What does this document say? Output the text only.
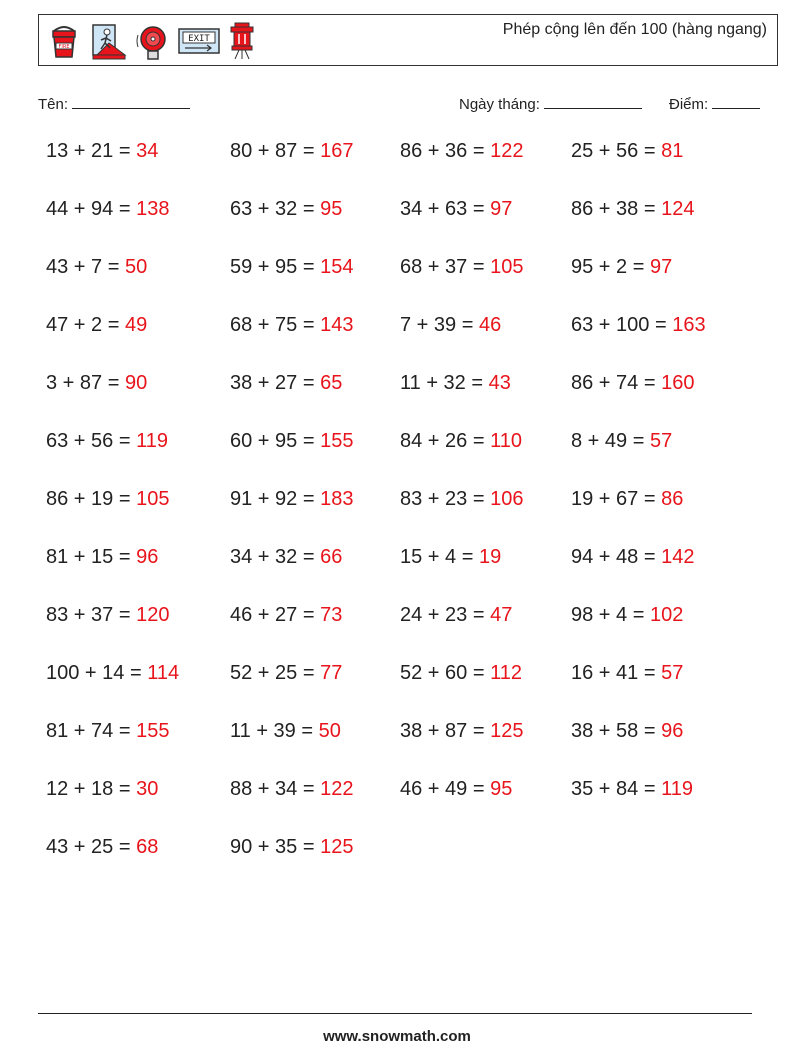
FIRE
EXIT
Phép cộng lên đến 100 (hàng ngang)
Tên:	Ngày tháng:	Điểm:
13 + 21 = 34	80 + 87 = 167 86 + 36 = 122 25 + 56 = 81
44 + 94 = 138	63 + 32 = 95	34 + 63 = 97	86 + 38 = 124
43 + 7 = 50	59 + 95 = 154 68 + 37 = 105 95 + 2 = 97
47 + 2 = 49	68 + 75 = 143 7 + 39 = 46	63 + 100 = 163
3 + 87 = 90	38 + 27 = 65	11 + 32 = 43	86 + 74 = 160
63 + 56 = 119	60 + 95 = 155 84 + 26 = 110 8 + 49 = 57
86 + 19 = 105	91 + 92 = 183 83 + 23 = 106 19 + 67 = 86
81 + 15 = 96	34 + 32 = 66	15 + 4 = 19	94 + 48 = 142
83 + 37 = 120	46 + 27 = 73	24 + 23 = 47	98 + 4 = 102
100 + 14 = 114	52 + 25 = 77	52 + 60 = 112 16 + 41 = 57
81 + 74 = 155	11 + 39 = 50	38 + 87 = 125 38 + 58 = 96
12 + 18 = 30	88 + 34 = 122 46 + 49 = 95	35 + 84 = 119
43 + 25 = 68	90 + 35 = 125
www.snowmath.com
